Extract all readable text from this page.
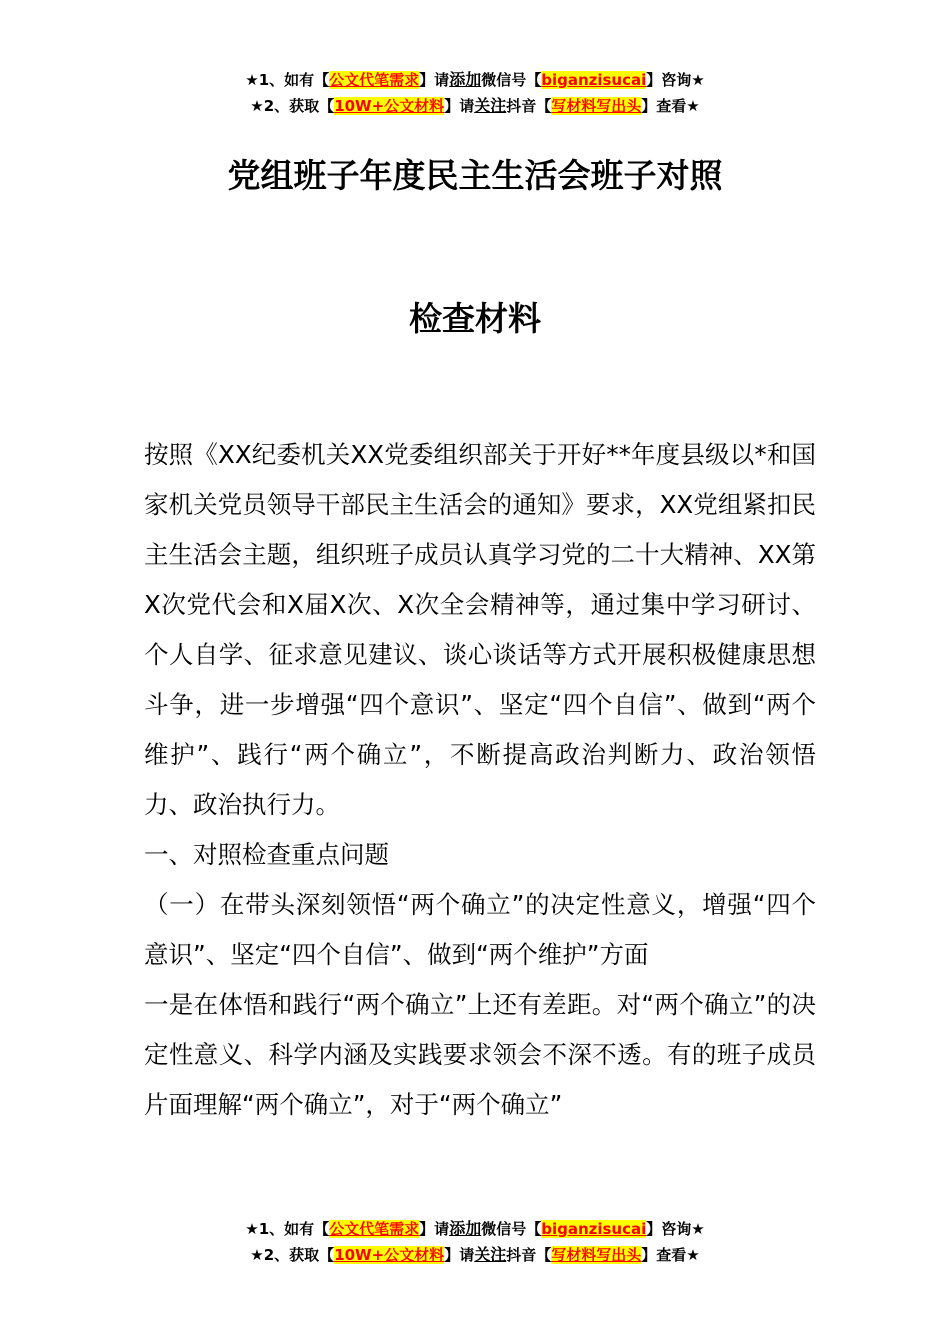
★1、如有【公文代笔需求】请添加微信号【biganzisucai】咨询★
★2、获取【10W+公文材料】请关注抖音【写材料写出头】查看★
党组班子年度民主生活会班子对照
检查材料

按照《XX纪委机关XX党委组织部关于开好**年度县级以*和国家机关党员领导干部民主生活会的通知》要求，XX党组紧扣民主生活会主题，组织班子成员认真学习党的二十大精神、XX第X次党代会和X届X次、X次全会精神等，通过集中学习研讨、个人自学、征求意见建议、谈心谈话等方式开展积极健康思想斗争，进一步增强“四个意识”、坚定“四个自信”、做到“两个维护”、践行“两个确立”，不断提高政治判断力、政治领悟力、政治执行力。

一、对照检查重点问题

（一）在带头深刻领悟“两个确立”的决定性意义，增强“四个意识”、坚定“四个自信”、做到“两个维护”方面

一是在体悟和践行“两个确立”上还有差距。对“两个确立”的决定性意义、科学内涵及实践要求领会不深不透。有的班子成员片面理解“两个确立”，对于“两个确立”

★1、如有【公文代笔需求】请添加微信号【biganzisucai】咨询★
★2、获取【10W+公文材料】请关注抖音【写材料写出头】查看★
